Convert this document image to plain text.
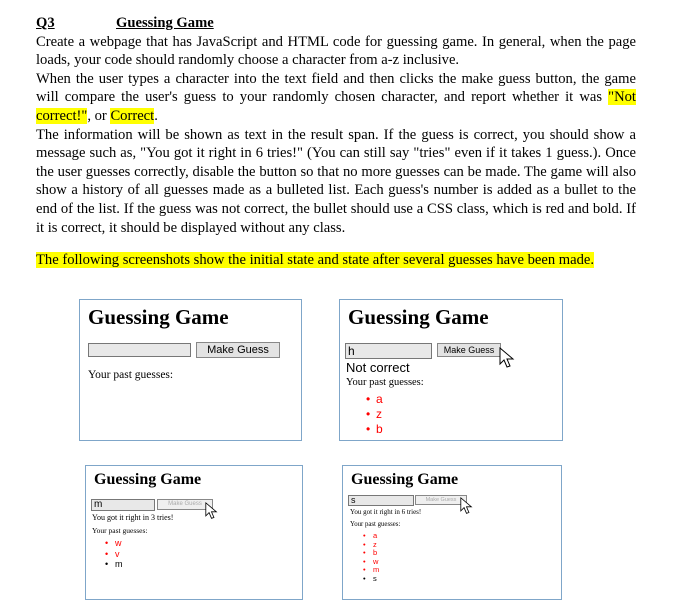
Q3	Guessing Game

Create a webpage that has JavaScript and HTML code for guessing game. In general, when the page loads, your code should randomly choose a character from a-z inclusive.

When the user types a character into the text field and then clicks the make guess button, the game will compare the user's guess to your randomly chosen character, and report whether it was "Not correct!", or Correct.

The information will be shown as text in the result span. If the guess is correct, you should show a message such as, "You got it right in 6 tries!" (You can still say "tries" even if it takes 1 guess.). Once the user guesses correctly, disable the button so that no more guesses can be made. The game will also show a history of all guesses made as a bulleted list. Each guess's number is added as a bullet to the end of the list. If the guess was not correct, the bullet should use a CSS class, which is red and bold. If it is correct, it should be displayed without any class.

The following screenshots show the initial state and state after several guesses have been made.
Guessing Game
Make Guess
Your past guesses:
Guessing Game
h	Make Guess
Not correct
Your past guesses:
• a
• z
• b
Guessing Game
m	Make Guess
You got it right in 3 tries!
Your past guesses:
• w
• v
• m
Guessing Game
s	Make Guess
You got it right in 6 tries!
Your past guesses:
• a
• z
• b
• w
• m
• s
